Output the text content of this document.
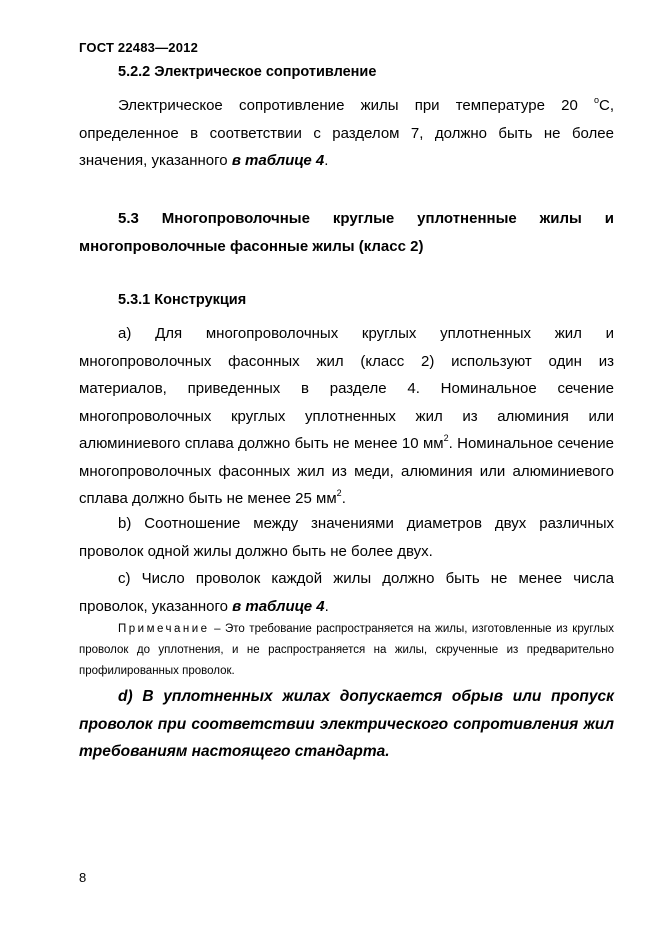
ГОСТ 22483—2012
5.2.2 Электрическое сопротивление

Электрическое сопротивление жилы при температуре 20 $^о$С, определенное в соответствии с разделом 7, должно быть не более значения, указанного в таблице 4.

5.3 Многопроволочные круглые уплотненные жилы и многопроволочные фасонные жилы (класс 2)

5.3.1 Конструкция

а) Для многопроволочных круглых уплотненных жил и многопроволочных фасонных жил (класс 2) используют один из материалов, приведенных в разделе 4. Номинальное сечение многопроволочных круглых уплотненных жил из алюминия или алюминиевого сплава должно быть не менее 10 $мм^2$. Номинальное сечение многопроволочных фасонных жил из меди, алюминия или алюминиевого сплава должно быть не менее 25 $мм^2$.

b) Соотношение между значениями диаметров двух различных проволок одной жилы должно быть не более двух.

с) Число проволок каждой жилы должно быть не менее числа проволок, указанного в таблице 4.

Примечание – Это требование распространяется на жилы, изготовленные из круглых проволок до уплотнения, и не распространяется на жилы, скрученные из предварительно профилированных проволок.

d) В уплотненных жилах допускается обрыв или пропуск проволок при соответствии электрического сопротивления жил требованиям настоящего стандарта.

8
